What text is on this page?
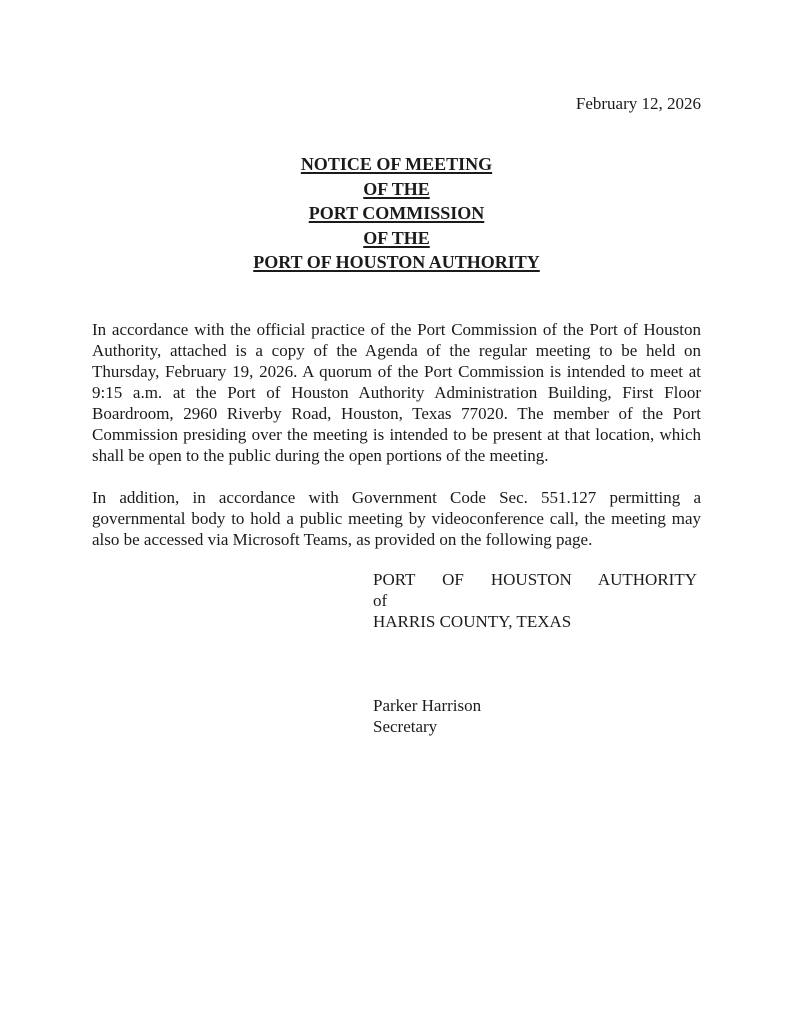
February 12, 2026
NOTICE OF MEETING
OF THE
PORT COMMISSION
OF THE
PORT OF HOUSTON AUTHORITY

In accordance with the official practice of the Port Commission of the Port of Houston Authority, attached is a copy of the Agenda of the regular meeting to be held on Thursday, February 19, 2026. A quorum of the Port Commission is intended to meet at 9:15 a.m. at the Port of Houston Authority Administration Building, First Floor Boardroom, 2960 Riverby Road, Houston, Texas 77020. The member of the Port Commission presiding over the meeting is intended to be present at that location, which shall be open to the public during the open portions of the meeting.

In addition, in accordance with Government Code Sec. 551.127 permitting a governmental body to hold a public meeting by videoconference call, the meeting may also be accessed via Microsoft Teams, as provided on the following page.

PORT OF HOUSTON AUTHORITY
of
HARRIS COUNTY, TEXAS
Parker Harrison
Secretary
